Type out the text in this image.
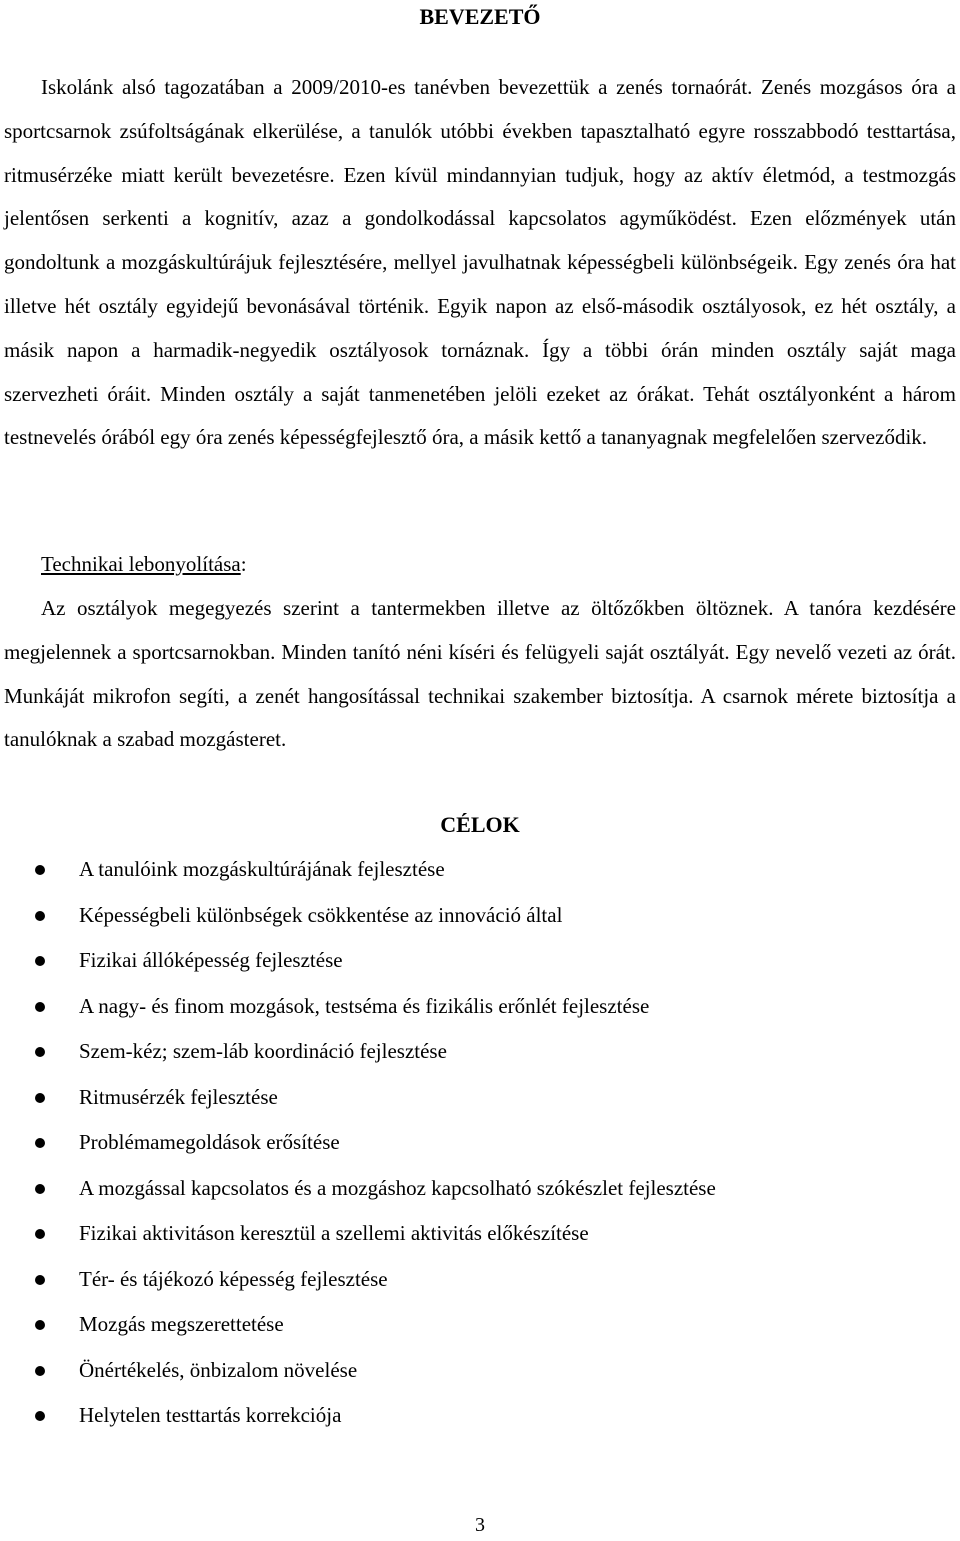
BEVEZETŐ

Iskolánk alsó tagozatában a 2009/2010-es tanévben bevezettük a zenés tornaórát. Zenés mozgásos óra a sportcsarnok zsúfoltságának elkerülése, a tanulók utóbbi években tapasztalható egyre rosszabbodó testtartása, ritmusérzéke miatt került bevezetésre. Ezen kívül mindannyian tudjuk, hogy az aktív életmód, a testmozgás jelentősen serkenti a kognitív, azaz a gondolkodással kapcsolatos agyműködést. Ezen előzmények után gondoltunk a mozgáskultúrájuk fejlesztésére, mellyel javulhatnak képességbeli különbségeik. Egy zenés óra hat illetve hét osztály egyidejű bevonásával történik. Egyik napon az első-második osztályosok, ez hét osztály, a másik napon a harmadik-negyedik osztályosok tornáznak. Így a többi órán minden osztály saját maga szervezheti óráit. Minden osztály a saját tanmenetében jelöli ezeket az órákat. Tehát osztályonként a három testnevelés órából egy óra zenés képességfejlesztő óra, a másik kettő a tananyagnak megfelelően szerveződik.

Technikai lebonyolítása:

Az osztályok megegyezés szerint a tantermekben illetve az öltőzőkben öltöznek. A tanóra kezdésére megjelennek a sportcsarnokban. Minden tanító néni kíséri és felügyeli saját osztályát. Egy nevelő vezeti az órát. Munkáját mikrofon segíti, a zenét hangosítással technikai szakember biztosítja. A csarnok mérete biztosítja a tanulóknak a szabad mozgásteret.

CÉLOK
A tanulóink mozgáskultúrájának fejlesztése
Képességbeli különbségek csökkentése az innováció által
Fizikai állóképesség fejlesztése
A nagy- és finom mozgások, testséma és fizikális erőnlét fejlesztése
Szem-kéz; szem-láb koordináció fejlesztése
Ritmusérzék fejlesztése
Problémamegoldások erősítése
A mozgással kapcsolatos és a mozgáshoz kapcsolható szókészlet fejlesztése
Fizikai aktivitáson keresztül a szellemi aktivitás előkészítése
Tér- és tájékozó képesség fejlesztése
Mozgás megszerettetése
Önértékelés, önbizalom növelése
Helytelen testtartás korrekciója
3
